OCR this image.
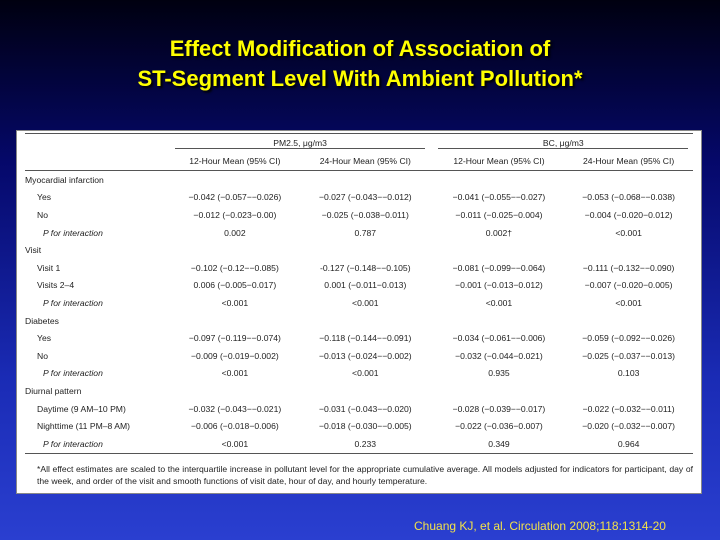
Effect Modification of Association of
ST-Segment Level With Ambient Pollution*
	PM2.5, μg/m3			BC, μg/m3	
	12-Hour Mean (95% CI)	24-Hour Mean (95% CI)		12-Hour Mean (95% CI)	24-Hour Mean (95% CI)
Myocardial infarction					
Yes	−0.042 (−0.057−−0.026)	−0.027 (−0.043−−0.012)		−0.041 (−0.055−−0.027)	−0.053 (−0.068−−0.038)
No	−0.012 (−0.023−0.00)	−0.025 (−0.038−0.011)		−0.011 (−0.025−0.004)	−0.004 (−0.020−0.012)
P for interaction	0.002	0.787		0.002†	<0.001
Visit					
Visit 1	−0.102 (−0.12−−0.085)	-0.127 (−0.148−−0.105)		−0.081 (−0.099−−0.064)	−0.111 (−0.132−−0.090)
Visits 2–4	0.006 (−0.005−0.017)	0.001 (−0.011−0.013)		−0.001 (−0.013−0.012)	−0.007 (−0.020−0.005)
P for interaction	<0.001	<0.001		<0.001	<0.001
Diabetes					
Yes	−0.097 (−0.119−−0.074)	−0.118 (−0.144−−0.091)		−0.034 (−0.061−−0.006)	−0.059 (−0.092−−0.026)
No	−0.009 (−0.019−0.002)	−0.013 (−0.024−−0.002)		−0.032 (−0.044−0.021)	−0.025 (−0.037−−0.013)
P for interaction	<0.001	<0.001		0.935	0.103
Diurnal pattern					
Daytime (9 AM–10 PM)	−0.032 (−0.043−−0.021)	−0.031 (−0.043−−0.020)		−0.028 (−0.039−−0.017)	−0.022 (−0.032−−0.011)
Nighttime (11 PM–8 AM)	−0.006 (−0.018−0.006)	−0.018 (−0.030−−0.005)		−0.022 (−0.036−0.007)	−0.020 (−0.032−−0.007)
P for interaction	<0.001	0.233		0.349	0.964
*All effect estimates are scaled to the interquartile increase in pollutant level for the appropriate cumulative average. All models adjusted for indicators for participant, day of the week, and order of the visit and smooth functions of visit date, hour of day, and hourly temperature.
Chuang KJ, et al. Circulation 2008;118:1314-20
